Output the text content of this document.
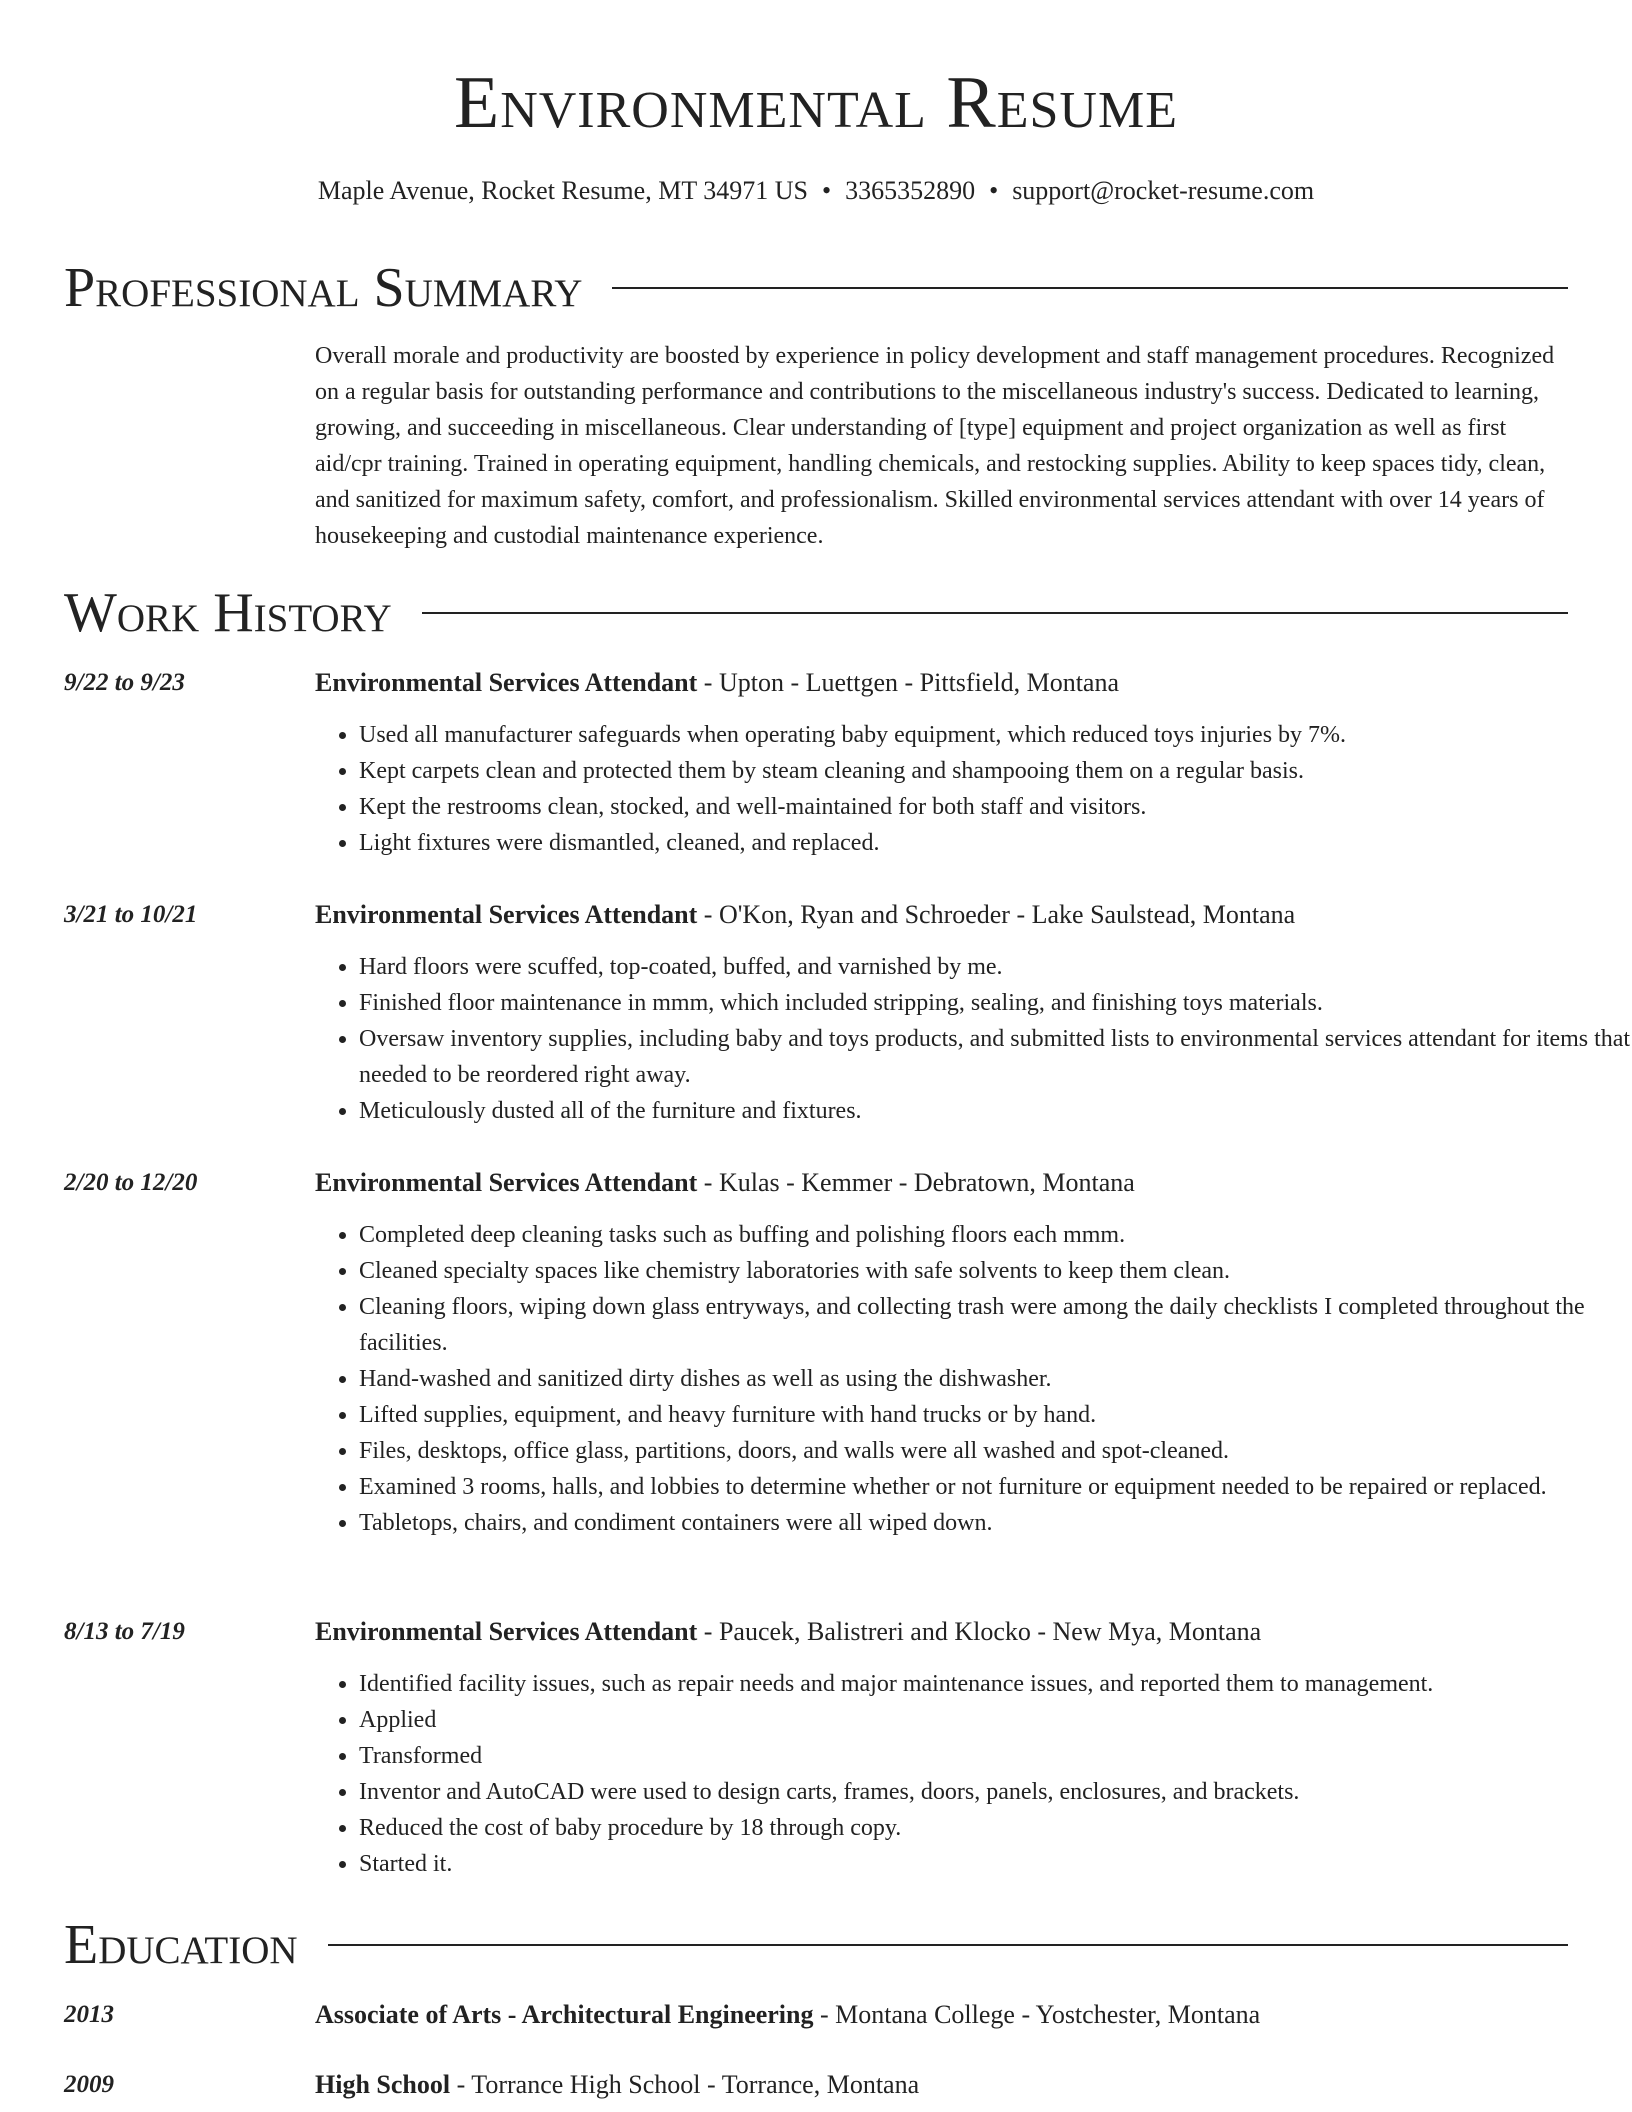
Environmental Resume
Maple Avenue, Rocket Resume, MT 34971 US • 3365352890 • support@rocket-resume.com
Professional Summary

Overall morale and productivity are boosted by experience in policy development and staff management procedures. Recognized on a regular basis for outstanding performance and contributions to the miscellaneous industry's success. Dedicated to learning, growing, and succeeding in miscellaneous. Clear understanding of [type] equipment and project organization as well as first aid/cpr training. Trained in operating equipment, handling chemicals, and restocking supplies. Ability to keep spaces tidy, clean, and sanitized for maximum safety, comfort, and professionalism. Skilled environmental services attendant with over 14 years of housekeeping and custodial maintenance experience.

Work History
9/22 to 9/23	Environmental Services Attendant - Upton - Luettgen - Pittsfield, Montana
• Used all manufacturer safeguards when operating baby equipment, which reduced toys injuries by 7%.
• Kept carpets clean and protected them by steam cleaning and shampooing them on a regular basis.
• Kept the restrooms clean, stocked, and well-maintained for both staff and visitors.
• Light fixtures were dismantled, cleaned, and replaced.
3/21 to 10/21	Environmental Services Attendant - O'Kon, Ryan and Schroeder - Lake Saulstead, Montana
• Hard floors were scuffed, top-coated, buffed, and varnished by me.
• Finished floor maintenance in mmm, which included stripping, sealing, and finishing toys materials.
• Oversaw inventory supplies, including baby and toys products, and submitted lists to environmental services attendant for items that needed to be reordered right away.
• Meticulously dusted all of the furniture and fixtures.
2/20 to 12/20	Environmental Services Attendant - Kulas - Kemmer - Debratown, Montana
• Completed deep cleaning tasks such as buffing and polishing floors each mmm.
• Cleaned specialty spaces like chemistry laboratories with safe solvents to keep them clean.
• Cleaning floors, wiping down glass entryways, and collecting trash were among the daily checklists I completed throughout the facilities.
• Hand-washed and sanitized dirty dishes as well as using the dishwasher.
• Lifted supplies, equipment, and heavy furniture with hand trucks or by hand.
• Files, desktops, office glass, partitions, doors, and walls were all washed and spot-cleaned.
• Examined 3 rooms, halls, and lobbies to determine whether or not furniture or equipment needed to be repaired or replaced.
• Tabletops, chairs, and condiment containers were all wiped down.
8/13 to 7/19	Environmental Services Attendant - Paucek, Balistreri and Klocko - New Mya, Montana
• Identified facility issues, such as repair needs and major maintenance issues, and reported them to management.
• Applied
• Transformed
• Inventor and AutoCAD were used to design carts, frames, doors, panels, enclosures, and brackets.
• Reduced the cost of baby procedure by 18 through copy.
• Started it.
Education
2013	Associate of Arts - Architectural Engineering - Montana College - Yostchester, Montana
2009	High School - Torrance High School - Torrance, Montana
